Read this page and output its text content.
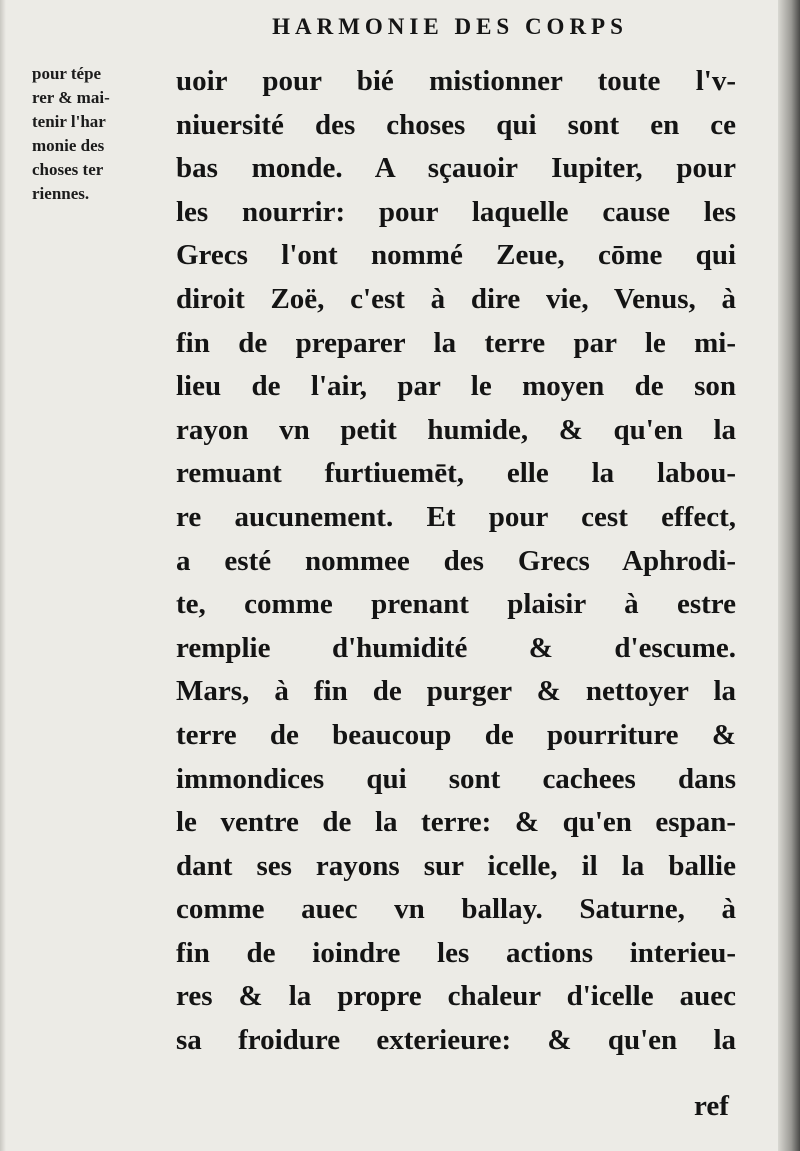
HARMONIE DES CORPS
pour tépe
rer & mai-
tenir l'har
monie des
choses ter
riennes.
uoir pour bié mistionner toute l'v-
niuersité des choses qui sont en ce
bas monde. A sçauoir Iupiter, pour
les nourrir: pour laquelle cause les
Grecs l'ont nommé Zeue, cōme qui
diroit Zoë, c'est à dire vie, Venus, à
fin de preparer la terre par le mi-
lieu de l'air, par le moyen de son
rayon vn petit humide, & qu'en la
remuant furtiuemēt, elle la labou-
re aucunement. Et pour cest effect,
a esté nommee des Grecs Aphrodi-
te, comme prenant plaisir à estre
remplie d'humidité & d'escume.
Mars, à fin de purger & nettoyer la
terre de beaucoup de pourriture &
immondices qui sont cachees dans
le ventre de la terre: & qu'en espan-
dant ses rayons sur icelle, il la ballie
comme auec vn ballay. Saturne, à
fin de ioindre les actions interieu-
res & la propre chaleur d'icelle auec
sa froidure exterieure: & qu'en la
ref
